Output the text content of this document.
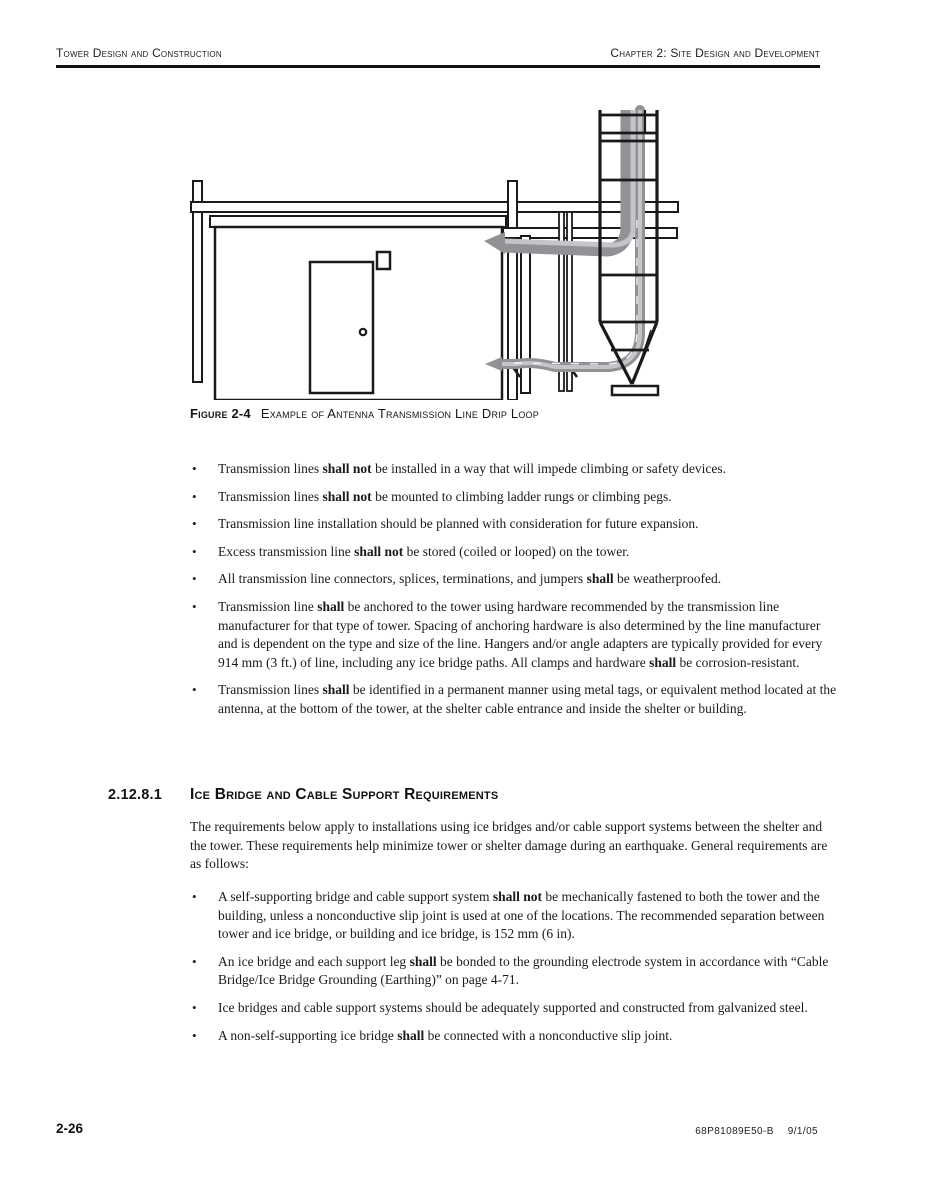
Tower Design and Construction	Chapter 2: Site Design and Development
Figure 2-4 Example of Antenna Transmission Line Drip Loop
• Transmission lines shall not be installed in a way that will impede climbing or safety devices.
• Transmission lines shall not be mounted to climbing ladder rungs or climbing pegs.
• Transmission line installation should be planned with consideration for future expansion.
• Excess transmission line shall not be stored (coiled or looped) on the tower.
• All transmission line connectors, splices, terminations, and jumpers shall be weatherproofed.
• Transmission line shall be anchored to the tower using hardware recommended by the transmission line manufacturer for that type of tower. Spacing of anchoring hardware is also determined by the line manufacturer and is dependent on the type and size of the line. Hangers and/or angle adapters are typically provided for every 914 mm (3 ft.) of line, including any ice bridge paths. All clamps and hardware shall be corrosion-resistant.
• Transmission lines shall be identified in a permanent manner using metal tags, or equivalent method located at the antenna, at the bottom of the tower, at the shelter cable entrance and inside the shelter or building.
2.12.8.1	Ice Bridge and Cable Support Requirements

The requirements below apply to installations using ice bridges and/or cable support systems between the shelter and the tower. These requirements help minimize tower or shelter damage during an earthquake. General requirements are as follows:

• A self-supporting bridge and cable support system shall not be mechanically fastened to both the tower and the building, unless a nonconductive slip joint is used at one of the locations. The recommended separation between tower and ice bridge, or building and ice bridge, is 152 mm (6 in).
• An ice bridge and each support leg shall be bonded to the grounding electrode system in accordance with “Cable Bridge/Ice Bridge Grounding (Earthing)” on page 4-71.
• Ice bridges and cable support systems should be adequately supported and constructed from galvanized steel.
• A non-self-supporting ice bridge shall be connected with a nonconductive slip joint.
2-26	68P81089E50-B 9/1/05
